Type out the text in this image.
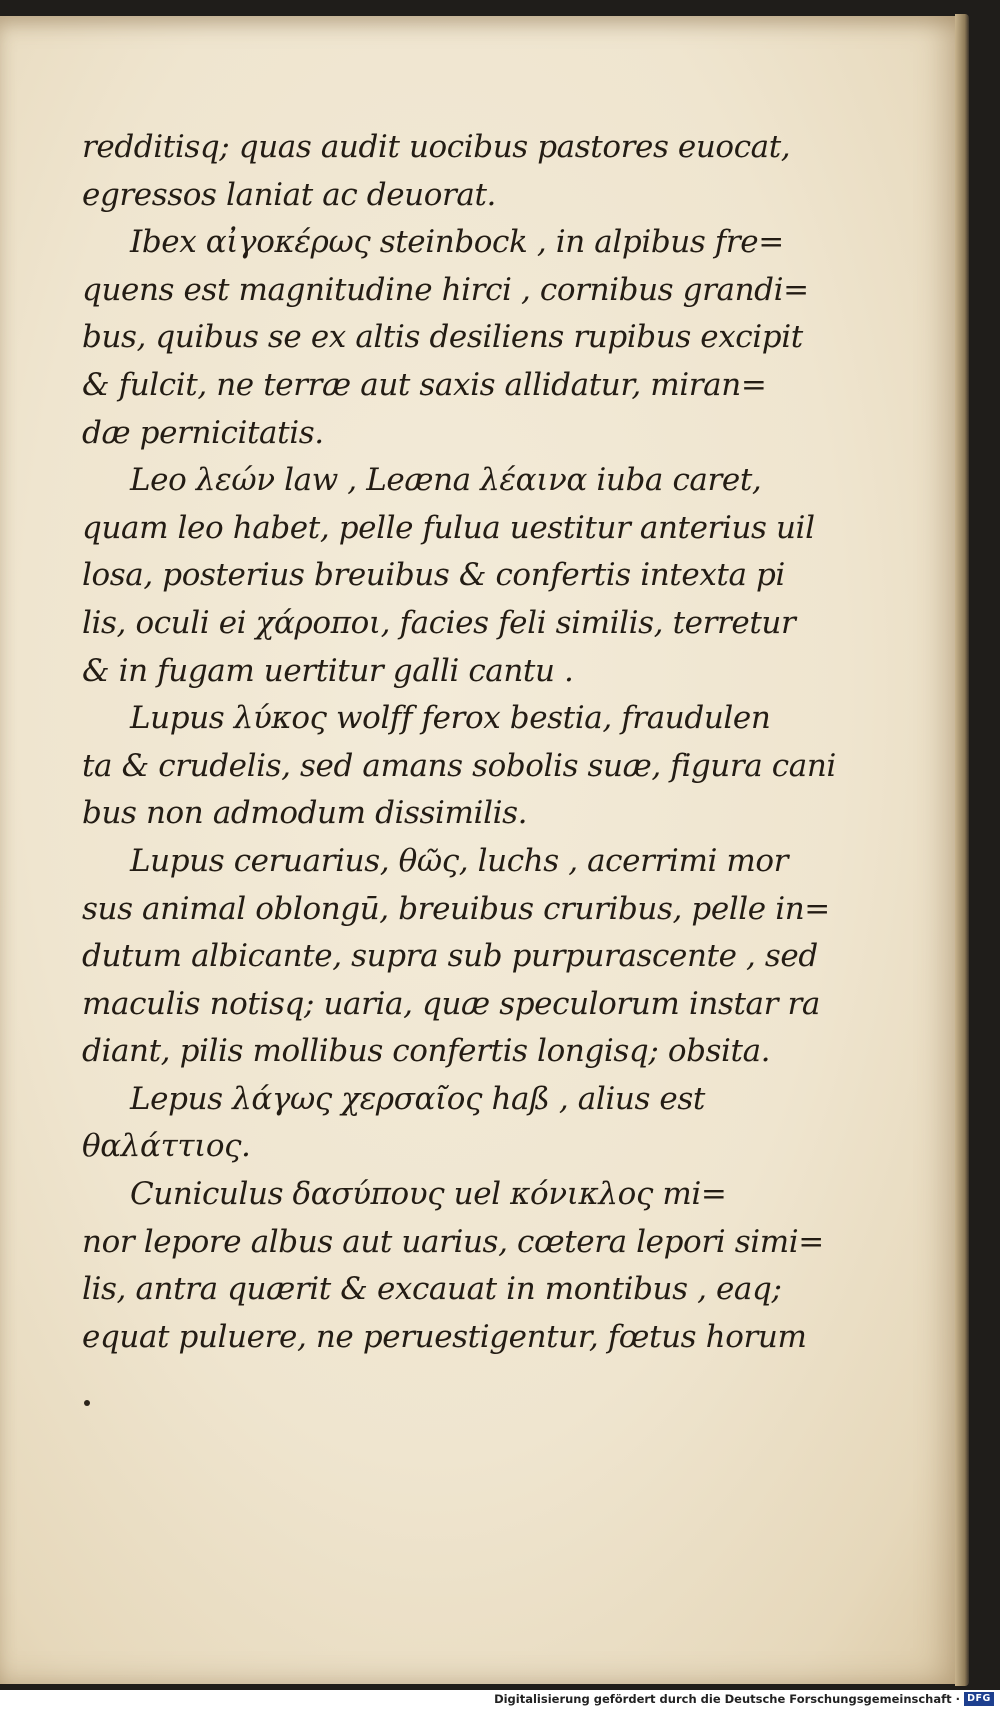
redditisq; quas audit uocibus pastores euocat,
egressos laniat ac deuorat.
Ibex αἰγοκέρως steinbock , in alpibus fre=
quens est magnitudine hirci , cornibus grandi=
bus, quibus se ex altis desiliens rupibus excipit
& fulcit, ne terræ aut saxis allidatur, miran=
dæ pernicitatis.
Leo λεών law , Leæna λέαινα iuba caret,
quam leo habet, pelle fulua uestitur anterius uil
losa, posterius breuibus & confertis intexta pi
lis, oculi ei χάροποι, facies feli similis, terretur
& in fugam uertitur galli cantu .
Lupus λύκος wolff ferox bestia, fraudulen
ta & crudelis, sed amans sobolis suæ, figura cani
bus non admodum dissimilis.
Lupus ceruarius, θῶς, luchs , acerrimi mor
sus animal oblongū, breuibus cruribus, pelle in=
dutum albicante, supra sub purpurascente , sed
maculis notisq; uaria, quæ speculorum instar ra
diant, pilis mollibus confertis longisq; obsita.
Lepus λάγως χερσαῖος haß , alius est
θαλάττιος.
Cuniculus δασύπους uel κόνικλος mi=
nor lepore albus aut uarius, cœtera lepori simi=
lis, antra quærit & excauat in montibus , eaq;
equat puluere, ne peruestigentur, fœtus horum
Digitalisierung gefördert durch die Deutsche Forschungsgemeinschaft · DFG
